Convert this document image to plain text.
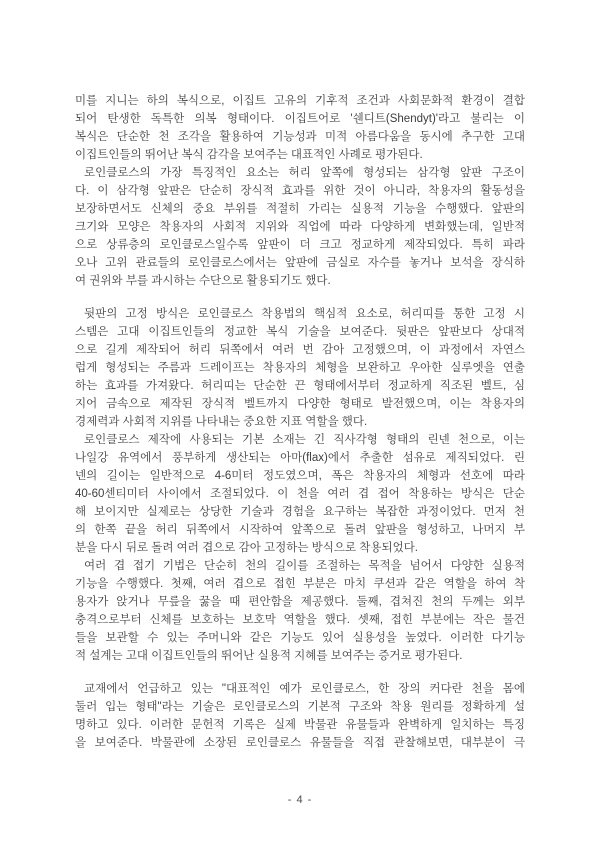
미를 지니는 하의 복식으로, 이집트 고유의 기후적 조건과 사회문화적 환경이 결합
되어 탄생한 독특한 의복 형태이다. 이집트어로 '쉔디트(Shendyt)'라고 불리는 이
복식은 단순한 천 조각을 활용하여 기능성과 미적 아름다움을 동시에 추구한 고대
이집트인들의 뛰어난 복식 감각을 보여주는 대표적인 사례로 평가된다.
로인클로스의 가장 특징적인 요소는 허리 앞쪽에 형성되는 삼각형 앞판 구조이
다. 이 삼각형 앞판은 단순히 장식적 효과를 위한 것이 아니라, 착용자의 활동성을
보장하면서도 신체의 중요 부위를 적절히 가리는 실용적 기능을 수행했다. 앞판의
크기와 모양은 착용자의 사회적 지위와 직업에 따라 다양하게 변화했는데, 일반적
으로 상류층의 로인클로스일수록 앞판이 더 크고 정교하게 제작되었다. 특히 파라
오나 고위 관료들의 로인클로스에서는 앞판에 금실로 자수를 놓거나 보석을 장식하
여 권위와 부를 과시하는 수단으로 활용되기도 했다.
뒷판의 고정 방식은 로인클로스 착용법의 핵심적 요소로, 허리띠를 통한 고정 시
스템은 고대 이집트인들의 정교한 복식 기술을 보여준다. 뒷판은 앞판보다 상대적
으로 길게 제작되어 허리 뒤쪽에서 여러 번 감아 고정했으며, 이 과정에서 자연스
럽게 형성되는 주름과 드레이프는 착용자의 체형을 보완하고 우아한 실루엣을 연출
하는 효과를 가져왔다. 허리띠는 단순한 끈 형태에서부터 정교하게 직조된 벨트, 심
지어 금속으로 제작된 장식적 벨트까지 다양한 형태로 발전했으며, 이는 착용자의
경제력과 사회적 지위를 나타내는 중요한 지표 역할을 했다.
로인클로스 제작에 사용되는 기본 소재는 긴 직사각형 형태의 린넨 천으로, 이는
나일강 유역에서 풍부하게 생산되는 아마(flax)에서 추출한 섬유로 제직되었다. 린
넨의 길이는 일반적으로 4-6미터 정도였으며, 폭은 착용자의 체형과 선호에 따라
40-60센티미터 사이에서 조절되었다. 이 천을 여러 겹 접어 착용하는 방식은 단순
해 보이지만 실제로는 상당한 기술과 경험을 요구하는 복잡한 과정이었다. 먼저 천
의 한쪽 끝을 허리 뒤쪽에서 시작하여 앞쪽으로 돌려 앞판을 형성하고, 나머지 부
분을 다시 뒤로 돌려 여러 겹으로 감아 고정하는 방식으로 착용되었다.
여러 겹 접기 기법은 단순히 천의 길이를 조절하는 목적을 넘어서 다양한 실용적
기능을 수행했다. 첫째, 여러 겹으로 접힌 부분은 마치 쿠션과 같은 역할을 하여 착
용자가 앉거나 무릎을 꿇을 때 편안함을 제공했다. 둘째, 겹쳐진 천의 두께는 외부
충격으로부터 신체를 보호하는 보호막 역할을 했다. 셋째, 접힌 부분에는 작은 물건
들을 보관할 수 있는 주머니와 같은 기능도 있어 실용성을 높였다. 이러한 다기능
적 설계는 고대 이집트인들의 뛰어난 실용적 지혜를 보여주는 증거로 평가된다.
교재에서 언급하고 있는 "대표적인 예가 로인클로스, 한 장의 커다란 천을 몸에
둘러 입는 형태"라는 기술은 로인클로스의 기본적 구조와 착용 원리를 정확하게 설
명하고 있다. 이러한 문헌적 기록은 실제 박물관 유물들과 완벽하게 일치하는 특징
을 보여준다. 박물관에 소장된 로인클로스 유물들을 직접 관찰해보면, 대부분이 극
- 4 -
